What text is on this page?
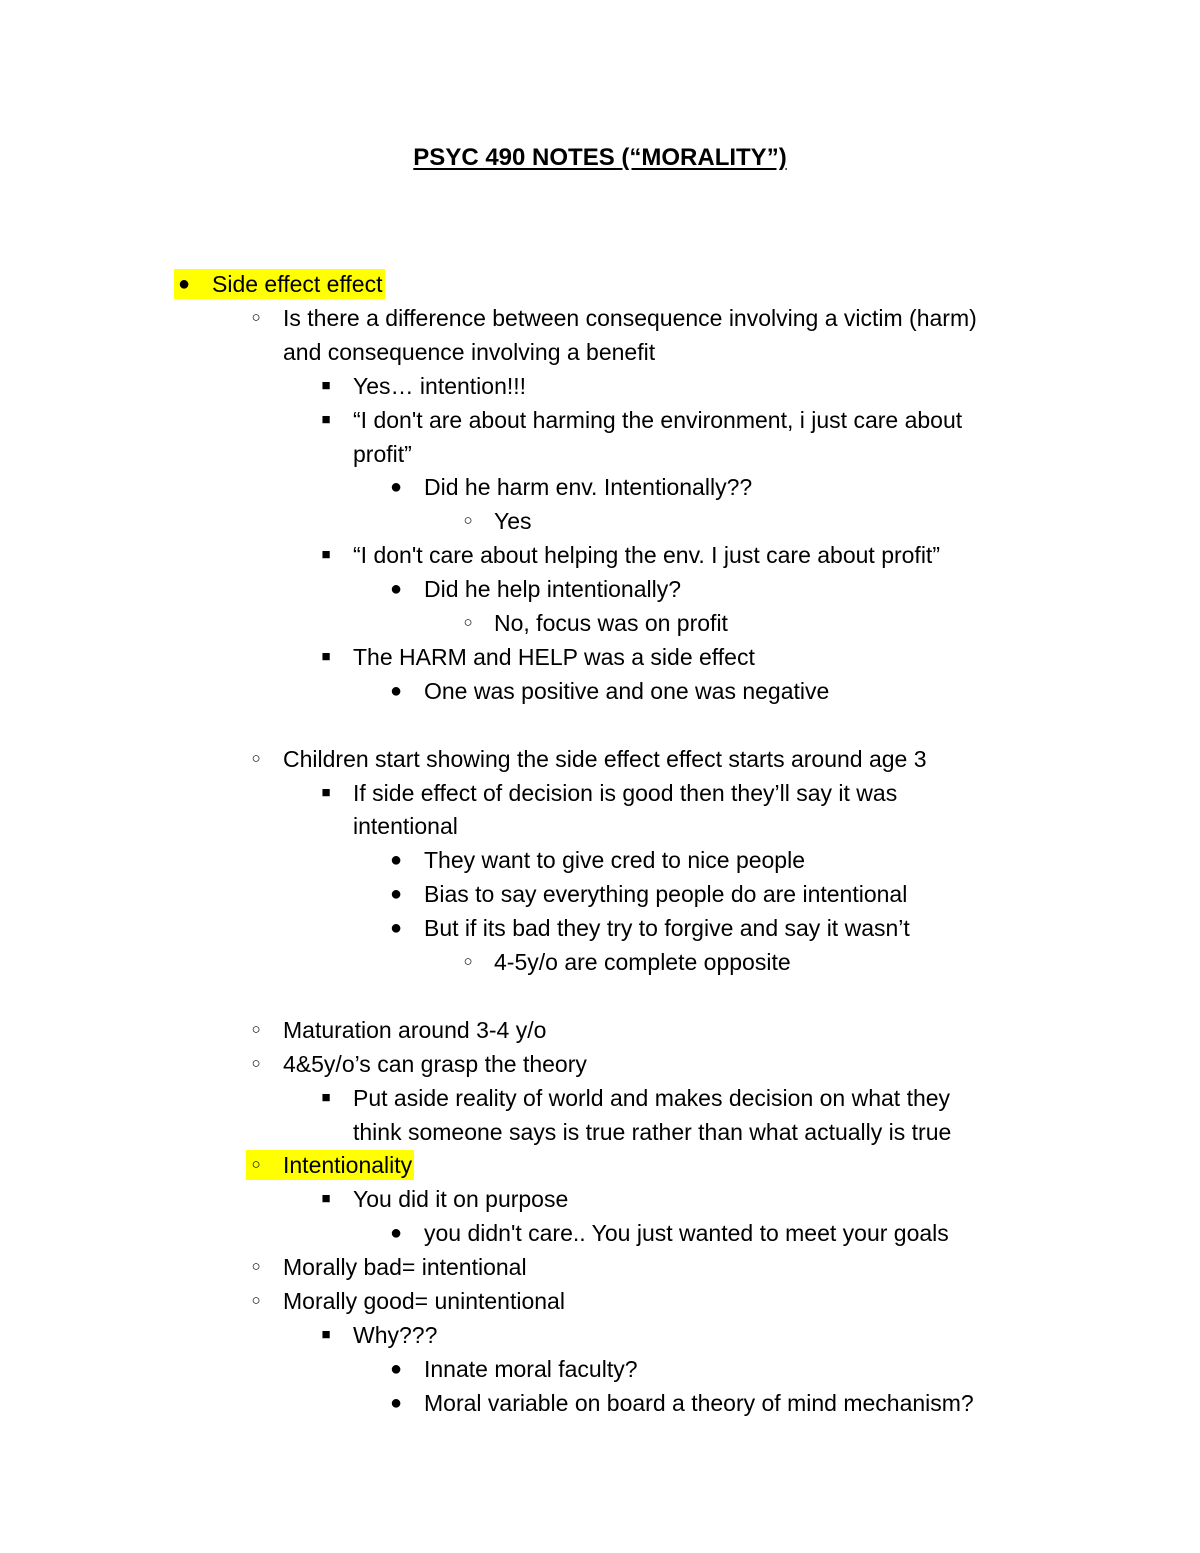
PSYC 490 NOTES (“MORALITY”)
● Side effect effect
○ Is there a difference between consequence involving a victim (harm)
and consequence involving a benefit
■ Yes… intention!!!
■ “I don't are about harming the environment, i just care about
profit”
● Did he harm env. Intentionally??
○ Yes
■ “I don't care about helping the env. I just care about profit”
● Did he help intentionally?
○ No, focus was on profit
■ The HARM and HELP was a side effect
● One was positive and one was negative
○ Children start showing the side effect effect starts around age 3
■ If side effect of decision is good then they’ll say it was
intentional
● They want to give cred to nice people
● Bias to say everything people do are intentional
● But if its bad they try to forgive and say it wasn’t
○ 4-5y/o are complete opposite
○ Maturation around 3-4 y/o
○ 4&5y/o’s can grasp the theory
■ Put aside reality of world and makes decision on what they
think someone says is true rather than what actually is true
○ Intentionality
■ You did it on purpose
● you didn't care.. You just wanted to meet your goals
○ Morally bad= intentional
○ Morally good= unintentional
■ Why???
● Innate moral faculty?
● Moral variable on board a theory of mind mechanism?
